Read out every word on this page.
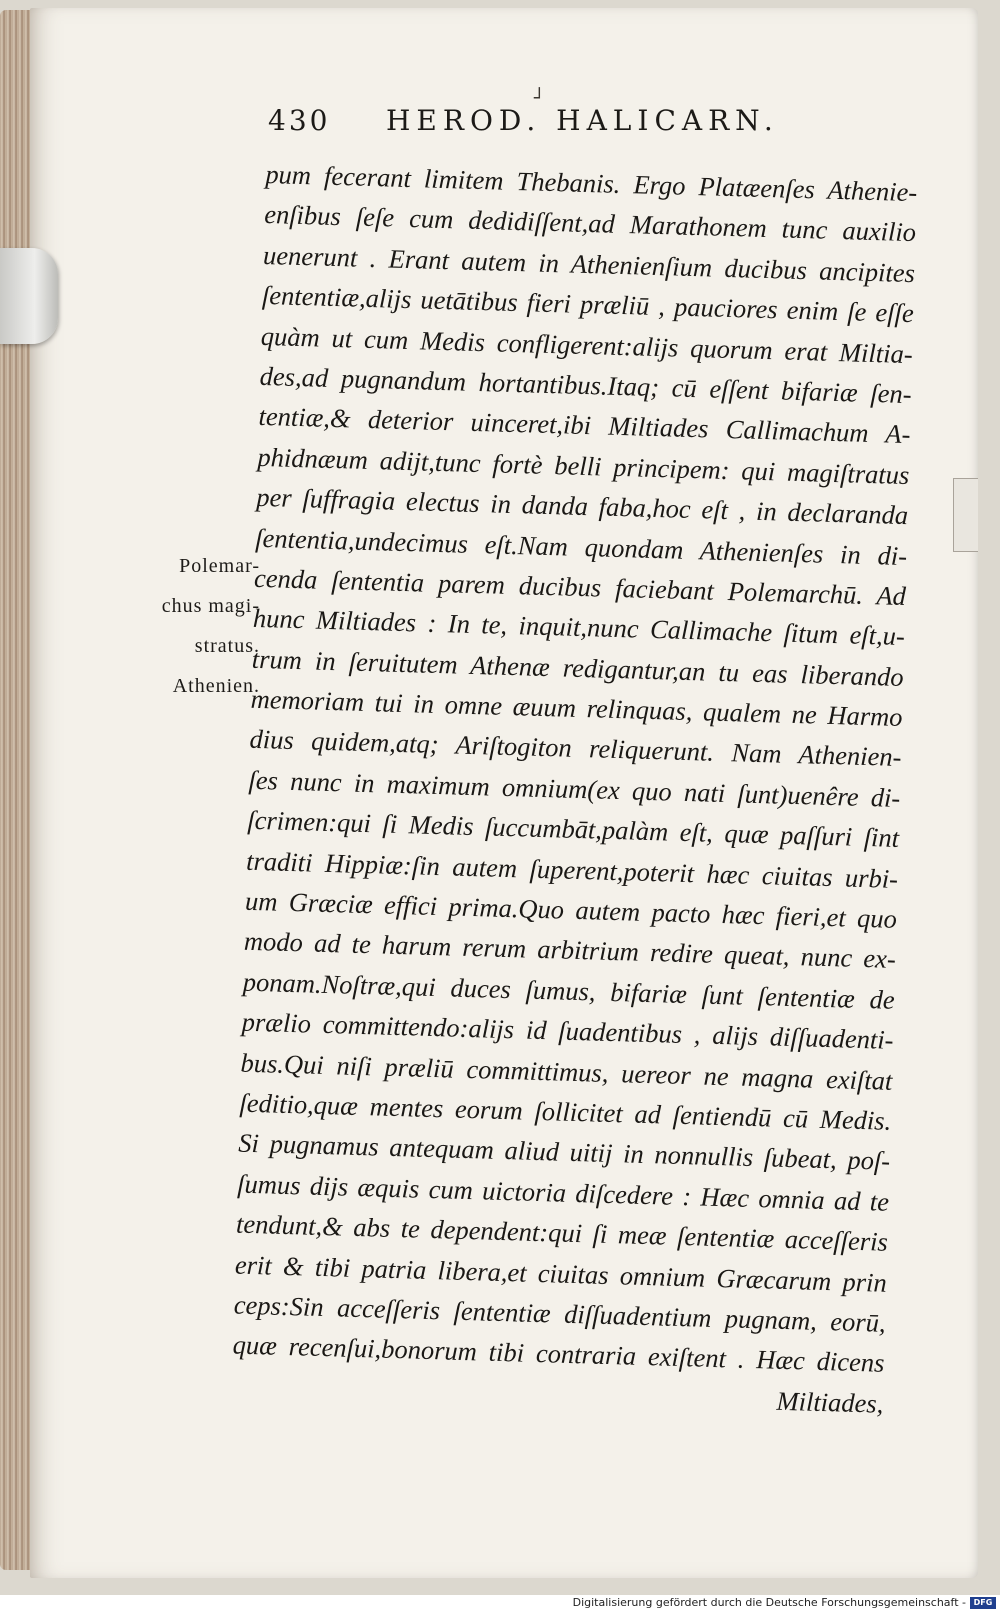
┘
430 HEROD. HALICARN.
Polemar-
chus magi-
stratus.
Athenien.
pum fecerant limitem Thebanis. Ergo Platæenſes Athenie-
enſibus ſeſe cum dedidiſſent,ad Marathonem tunc auxilio
uenerunt . Erant autem in Athenienſium ducibus ancipites
ſententiæ,alijs uetātibus fieri præliū , pauciores enim ſe eſſe
quàm ut cum Medis confligerent:alijs quorum erat Miltia-
des,ad pugnandum hortantibus.Itaq; cū eſſent bifariæ ſen-
tentiæ,& deterior uinceret,ibi Miltiades Callimachum A-
phidnæum adijt,tunc fortè belli principem: qui magiſtratus
per ſuffragia electus in danda faba,hoc eſt , in declaranda
ſententia,undecimus eſt.Nam quondam Athenienſes in di-
cenda ſententia parem ducibus faciebant Polemarchū. Ad
hunc Miltiades : In te, inquit,nunc Callimache ſitum eſt,u-
trum in ſeruitutem Athenæ redigantur,an tu eas liberando
memoriam tui in omne æuum relinquas, qualem ne Harmo
dius quidem,atq; Ariſtogiton reliquerunt. Nam Athenien-
ſes nunc in maximum omnium(ex quo nati ſunt)uenêre di-
ſcrimen:qui ſi Medis ſuccumbāt,palàm eſt, quæ paſſuri ſint
traditi Hippiæ:ſin autem ſuperent,poterit hæc ciuitas urbi-
um Græciæ effici prima.Quo autem pacto hæc fieri,et quo
modo ad te harum rerum arbitrium redire queat, nunc ex-
ponam.Noſtræ,qui duces ſumus, bifariæ ſunt ſententiæ de
prælio committendo:alijs id ſuadentibus , alijs diſſuadenti-
bus.Qui niſi præliū committimus, uereor ne magna exiſtat
ſeditio,quæ mentes eorum ſollicitet ad ſentiendū cū Medis.
Si pugnamus antequam aliud uitij in nonnullis ſubeat, poſ-
ſumus dijs æquis cum uictoria diſcedere : Hæc omnia ad te
tendunt,& abs te dependent:qui ſi meæ ſententiæ acceſſeris
erit & tibi patria libera,et ciuitas omnium Græcarum prin
ceps:Sin acceſſeris ſententiæ diſſuadentium pugnam, eorū,
quæ recenſui,bonorum tibi contraria exiſtent . Hæc dicens
Miltiades,
Digitalisierung gefördert durch die Deutsche Forschungsgemeinschaft - DFG
